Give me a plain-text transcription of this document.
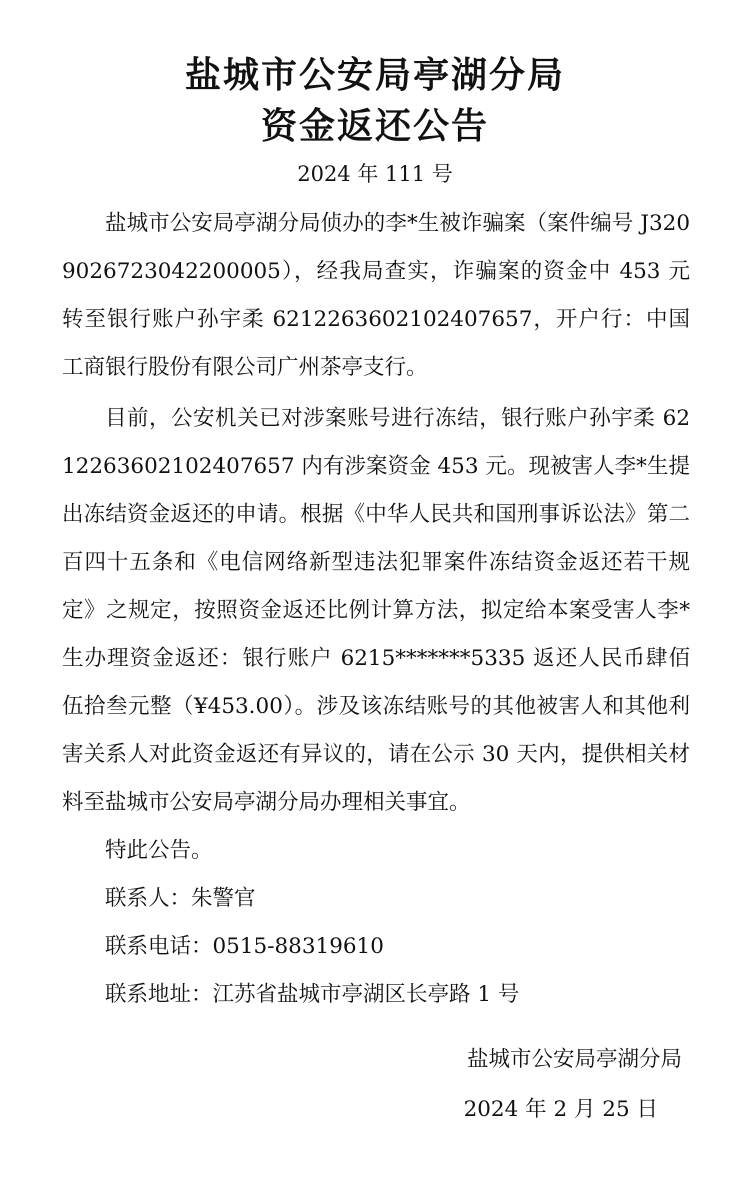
盐城市公安局亭湖分局
资金返还公告
2024 年 111 号

盐城市公安局亭湖分局侦办的李*生被诈骗案（案件编号 J3209026723042200005），经我局查实，诈骗案的资金中 453 元转至银行账户孙宇柔 6212263602102407657，开户行：中国工商银行股份有限公司广州茶亭支行。

目前，公安机关已对涉案账号进行冻结，银行账户孙宇柔 6212263602102407657 内有涉案资金 453 元。现被害人李*生提出冻结资金返还的申请。根据《中华人民共和国刑事诉讼法》第二百四十五条和《电信网络新型违法犯罪案件冻结资金返还若干规定》之规定，按照资金返还比例计算方法，拟定给本案受害人李*生办理资金返还：银行账户 6215*******5335 返还人民币肆佰伍拾叁元整（¥453.00）。涉及该冻结账号的其他被害人和其他利害关系人对此资金返还有异议的，请在公示 30 天内，提供相关材料至盐城市公安局亭湖分局办理相关事宜。

特此公告。

联系人：朱警官

联系电话：0515-88319610

联系地址：江苏省盐城市亭湖区长亭路 1 号

盐城市公安局亭湖分局
2024 年 2 月 25 日
